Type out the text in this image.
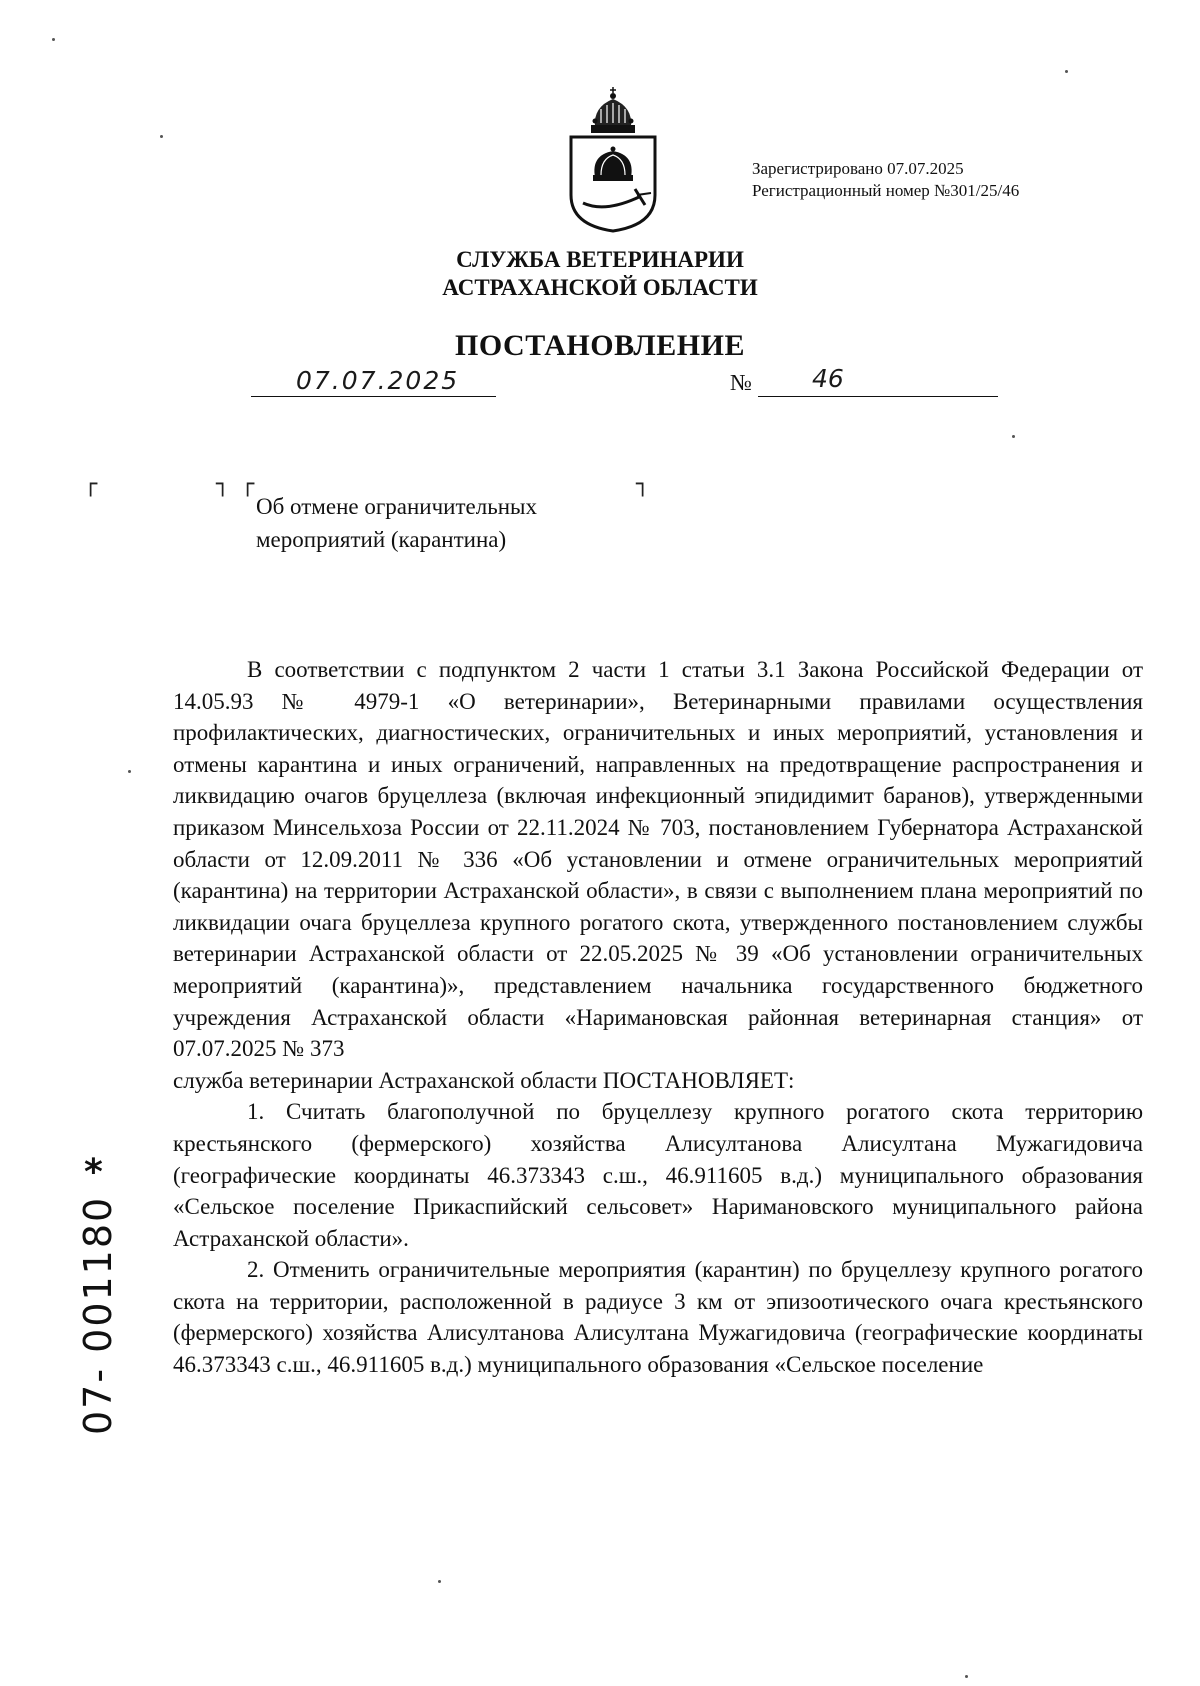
Зарегистрировано 07.07.2025
Регистрационный номер №301/25/46
СЛУЖБА ВЕТЕРИНАРИИ
АСТРАХАНСКОЙ ОБЛАСТИ
ПОСТАНОВЛЕНИЕ
07.07.2025	№ 46
┌	┐ ┌	┐
Об отмене ограничительных
мероприятий (карантина)

В соответствии с подпунктом 2 части 1 статьи 3.1 Закона Российской Федерации от 14.05.93 № 4979-1 «О ветеринарии», Ветеринарными правилами осуществления профилактических, диагностических, ограничительных и иных мероприятий, установления и отмены карантина и иных ограничений, направленных на предотвращение распространения и ликвидацию очагов бруцеллеза (включая инфекционный эпидидимит баранов), утвержденными приказом Минсельхоза России от 22.11.2024 № 703, постановлением Губернатора Астраханской области от 12.09.2011 № 336 «Об установлении и отмене ограничительных мероприятий (карантина) на территории Астраханской области», в связи с выполнением плана мероприятий по ликвидации очага бруцеллеза крупного рогатого скота, утвержденного постановлением службы ветеринарии Астраханской области от 22.05.2025 № 39 «Об установлении ограничительных мероприятий (карантина)», представлением начальника государственного бюджетного учреждения Астраханской области «Наримановская районная ветеринарная станция» от 07.07.2025 № 373

служба ветеринарии Астраханской области ПОСТАНОВЛЯЕТ:

1. Считать благополучной по бруцеллезу крупного рогатого скота территорию крестьянского (фермерского) хозяйства Алисултанова Алисултана Мужагидовича (географические координаты 46.373343 с.ш., 46.911605 в.д.) муниципального образования «Сельское поселение Прикаспийский сельсовет» Наримановского муниципального района Астраханской области».

2. Отменить ограничительные мероприятия (карантин) по бруцеллезу крупного рогатого скота на территории, расположенной в радиусе 3 км от эпизоотического очага крестьянского (фермерского) хозяйства Алисултанова Алисултана Мужагидовича (географические координаты 46.373343 с.ш., 46.911605 в.д.) муниципального образования «Сельское поселение

*
07- 001180
